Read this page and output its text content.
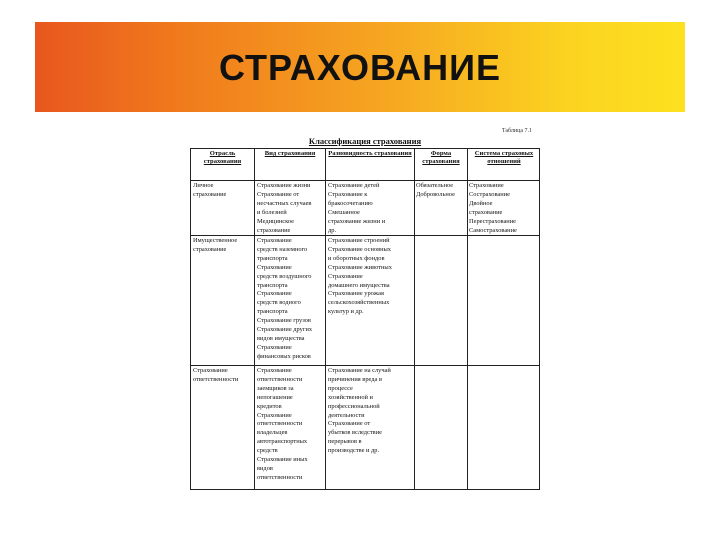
СТРАХОВАНИЕ
Таблица 7.1
Классификация страхования
Отрасль страхования
Вид страхования	Разновидность страхования	Форма страхования
Система страховых отношений
Личное
страхование
Страхование жизни
Страхование от
несчастных случаев
и болезней
Медицинское
страхование
Страхование детей
Страхование к
бракосочетанию
Смешанное
страхование жизни и
др.
Обязательное
Добровольное
Страхование
Сострахование
Двойное
страхование
Перестрахование
Самострахование
Имущественное
страхование
Страхование
средств наземного
транспорта
Страхование
средств воздушного
транспорта
Страхование
средств водного
транспорта
Страхование грузов
Страхование других
видов имущества
Страхование
финансовых рисков
Страхование строений
Страхование основных
и оборотных фондов
Страхование животных
Страхование
домашнего имущества
Страхование урожая
сельскохозяйственных
культур и др.
Страхование
ответственности
Страхование
ответственности
заемщиков за
непогашение
кредитов
Страхование
ответственности
владельцев
автотранспортных
средств
Страхование иных
видов
ответственности
Страхование на случай
причинения вреда в
процессе
хозяйственной и
профессиональной
деятельности
Страхование от
убытков вследствие
перерывов в
производстве и др.
